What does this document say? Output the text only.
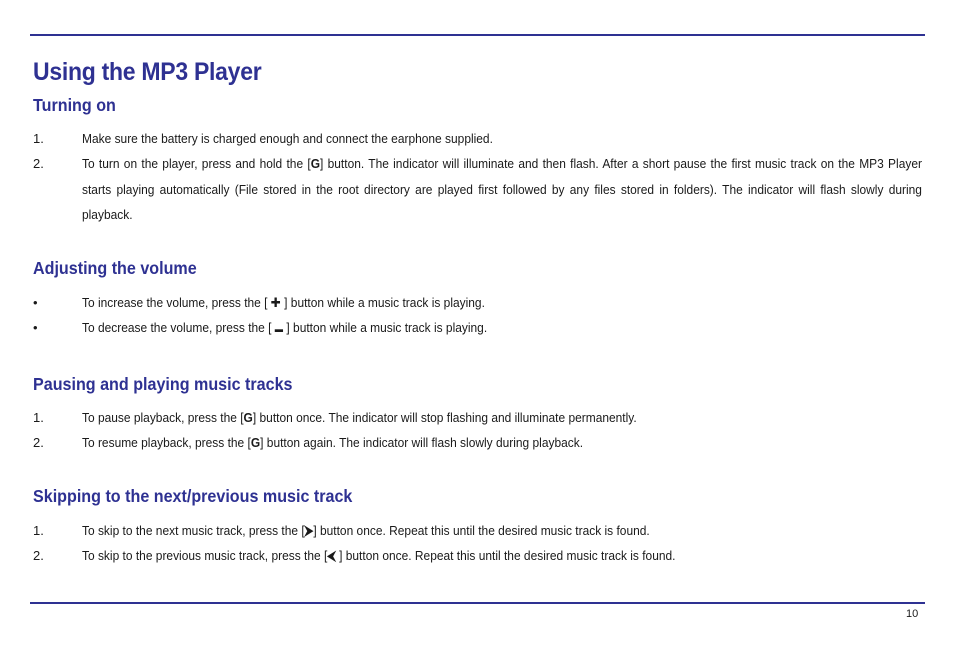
Using the MP3 Player
Turning on
1.	Make sure the battery is charged enough and connect the earphone supplied.
2.	To turn on the player, press and hold the [G] button. The indicator will illuminate and then flash. After a short pause the first music track on the MP3 Player starts playing automatically (File stored in the root directory are played first followed by any files stored in folders). The indicator will flash slowly during playback.
Adjusting the volume
•	To increase the volume, press the [ ✚ ] button while a music track is playing.
•	To decrease the volume, press the [ ▬ ] button while a music track is playing.
Pausing and playing music tracks
1.	To pause playback, press the [G] button once. The indicator will stop flashing and illuminate permanently.
2.	To resume playback, press the [G] button again. The indicator will flash slowly during playback.
Skipping to the next/previous music track
1.	To skip to the next music track, press the [⮞] button once. Repeat this until the desired music track is found.
2.	To skip to the previous music track, press the [⮜ ] button once. Repeat this until the desired music track is found.
10
